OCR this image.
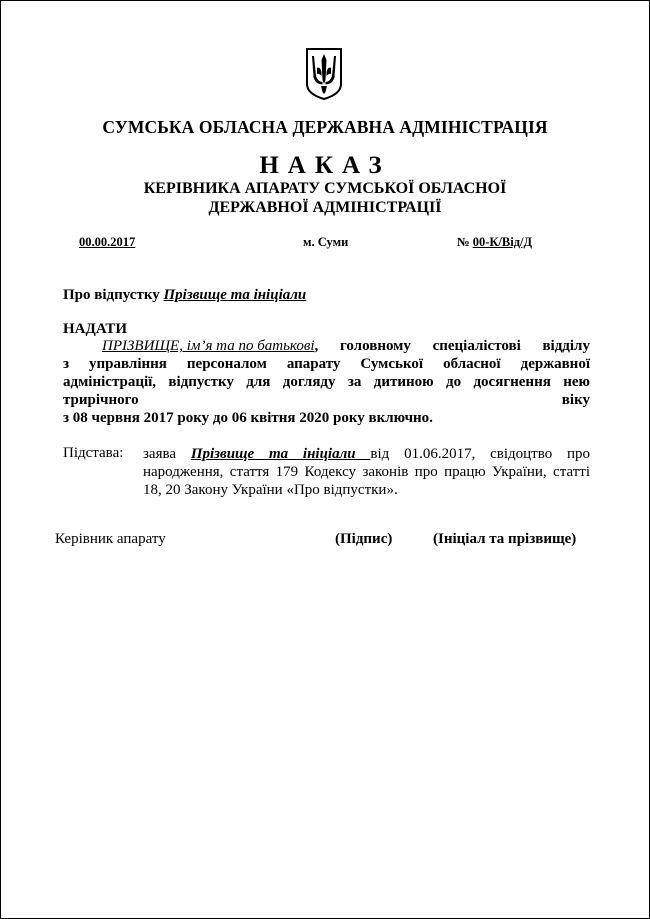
СУМСЬКА ОБЛАСНА ДЕРЖАВНА АДМІНІСТРАЦІЯ
НАКАЗ
КЕРІВНИКА АПАРАТУ СУМСЬКОЇ ОБЛАСНОЇ
ДЕРЖАВНОЇ АДМІНІСТРАЦІЇ
00.00.2017	м. Суми	№ 00-К/Від/Д
Про відпустку Прізвище та ініціали
НАДАТИ
ПРІЗВИЩЕ, ім’я та по батькові, головному спеціалістові відділу
з управління персоналом апарату Сумської обласної державної
адміністрації, відпустку для догляду за дитиною до досягнення нею
трирічного	віку
з 08 червня 2017 року до 06 квітня 2020 року включно.
Підстава: заява Прізвище та ініціали від 01.06.2017, свідоцтво про народження, стаття 179 Кодексу законів про працю України, статті 18, 20 Закону України «Про відпустки».
Керівник апарату	(Підпис)	(Ініціал та прізвище)
